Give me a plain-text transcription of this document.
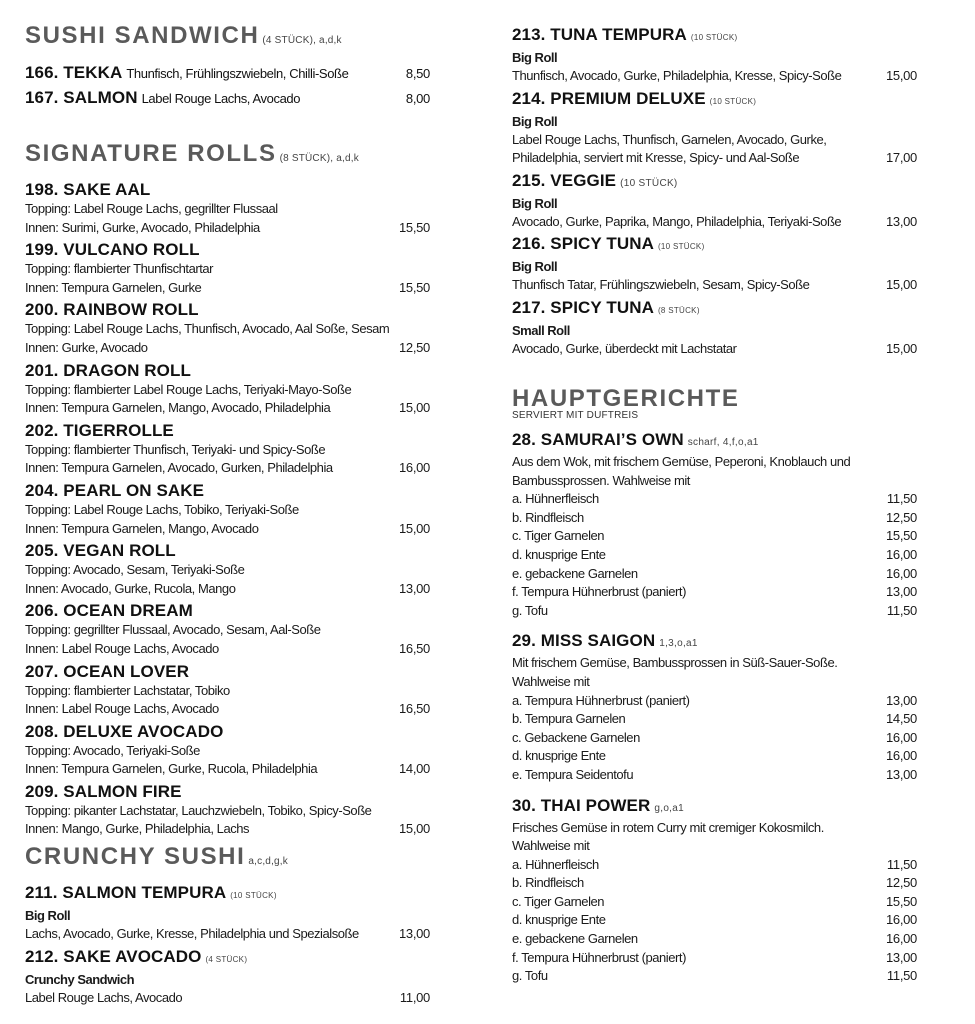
SUSHI SANDWICH (4 STÜCK), a,d,k
166. TEKKA Thunfisch, Frühlingszwiebeln, Chilli-Soße	8,50
167. SALMON Label Rouge Lachs, Avocado	8,00
SIGNATURE ROLLS (8 STÜCK), a,d,k
198. SAKE AAL
Topping: Label Rouge Lachs, gegrillter Flussaal
Innen: Surimi, Gurke, Avocado, Philadelphia	15,50
199. VULCANO ROLL
Topping: flambierter Thunfischtartar
Innen: Tempura Garnelen, Gurke	15,50
200. RAINBOW ROLL
Topping: Label Rouge Lachs, Thunfisch, Avocado, Aal Soße, Sesam
Innen: Gurke, Avocado	12,50
201. DRAGON ROLL
Topping: flambierter Label Rouge Lachs, Teriyaki-Mayo-Soße
Innen: Tempura Garnelen, Mango, Avocado, Philadelphia	15,00
202. TIGERROLLE
Topping: flambierter Thunfisch, Teriyaki- und Spicy-Soße
Innen: Tempura Garnelen, Avocado, Gurken, Philadelphia	16,00
204. PEARL ON SAKE
Topping: Label Rouge Lachs, Tobiko, Teriyaki-Soße
Innen: Tempura Garnelen, Mango, Avocado	15,00
205. VEGAN ROLL
Topping: Avocado, Sesam, Teriyaki-Soße
Innen: Avocado, Gurke, Rucola, Mango	13,00
206. OCEAN DREAM
Topping: gegrillter Flussaal, Avocado, Sesam, Aal-Soße
Innen: Label Rouge Lachs, Avocado	16,50
207. OCEAN LOVER
Topping: flambierter Lachstatar, Tobiko
Innen: Label Rouge Lachs, Avocado	16,50
208. DELUXE AVOCADO
Topping: Avocado, Teriyaki-Soße
Innen: Tempura Garnelen, Gurke, Rucola, Philadelphia	14,00
209. SALMON FIRE
Topping: pikanter Lachstatar, Lauchzwiebeln, Tobiko, Spicy-Soße
Innen: Mango, Gurke, Philadelphia, Lachs	15,00
CRUNCHY SUSHI a,c,d,g,k
211. SALMON TEMPURA (10 STÜCK)
Big Roll
Lachs, Avocado, Gurke, Kresse, Philadelphia und Spezialsoße	13,00
212. SAKE AVOCADO (4 STÜCK)
Crunchy Sandwich
Label Rouge Lachs, Avocado	11,00
213. TUNA TEMPURA (10 STÜCK)
Big Roll
Thunfisch, Avocado, Gurke, Philadelphia, Kresse, Spicy-Soße	15,00
214. PREMIUM DELUXE (10 STÜCK)
Big Roll
Label Rouge Lachs, Thunfisch, Garnelen, Avocado, Gurke,
Philadelphia, serviert mit Kresse, Spicy- und Aal-Soße	17,00
215. VEGGIE (10 STÜCK)
Big Roll
Avocado, Gurke, Paprika, Mango, Philadelphia, Teriyaki-Soße	13,00
216. SPICY TUNA (10 STÜCK)
Big Roll
Thunfisch Tatar, Frühlingszwiebeln, Sesam, Spicy-Soße	15,00
217. SPICY TUNA (8 STÜCK)
Small Roll
Avocado, Gurke, überdeckt mit Lachstatar	15,00
HAUPTGERICHTE
SERVIERT MIT DUFTREIS
28. SAMURAI’S OWN scharf, 4,f,o,a1
Aus dem Wok, mit frischem Gemüse, Peperoni, Knoblauch und
Bambussprossen. Wahlweise mit
a. Hühnerfleisch	11,50
b. Rindfleisch	12,50
c. Tiger Garnelen	15,50
d. knusprige Ente	16,00
e. gebackene Garnelen	16,00
f. Tempura Hühnerbrust (paniert)	13,00
g. Tofu	11,50
29. MISS SAIGON 1,3,o,a1
Mit frischem Gemüse, Bambussprossen in Süß-Sauer-Soße.
Wahlweise mit
a. Tempura Hühnerbrust (paniert)	13,00
b. Tempura Garnelen	14,50
c. Gebackene Garnelen	16,00
d. knusprige Ente	16,00
e. Tempura Seidentofu	13,00
30. THAI POWER g,o,a1
Frisches Gemüse in rotem Curry mit cremiger Kokosmilch.
Wahlweise mit
a. Hühnerfleisch	11,50
b. Rindfleisch	12,50
c. Tiger Garnelen	15,50
d. knusprige Ente	16,00
e. gebackene Garnelen	16,00
f. Tempura Hühnerbrust (paniert)	13,00
g. Tofu	11,50
